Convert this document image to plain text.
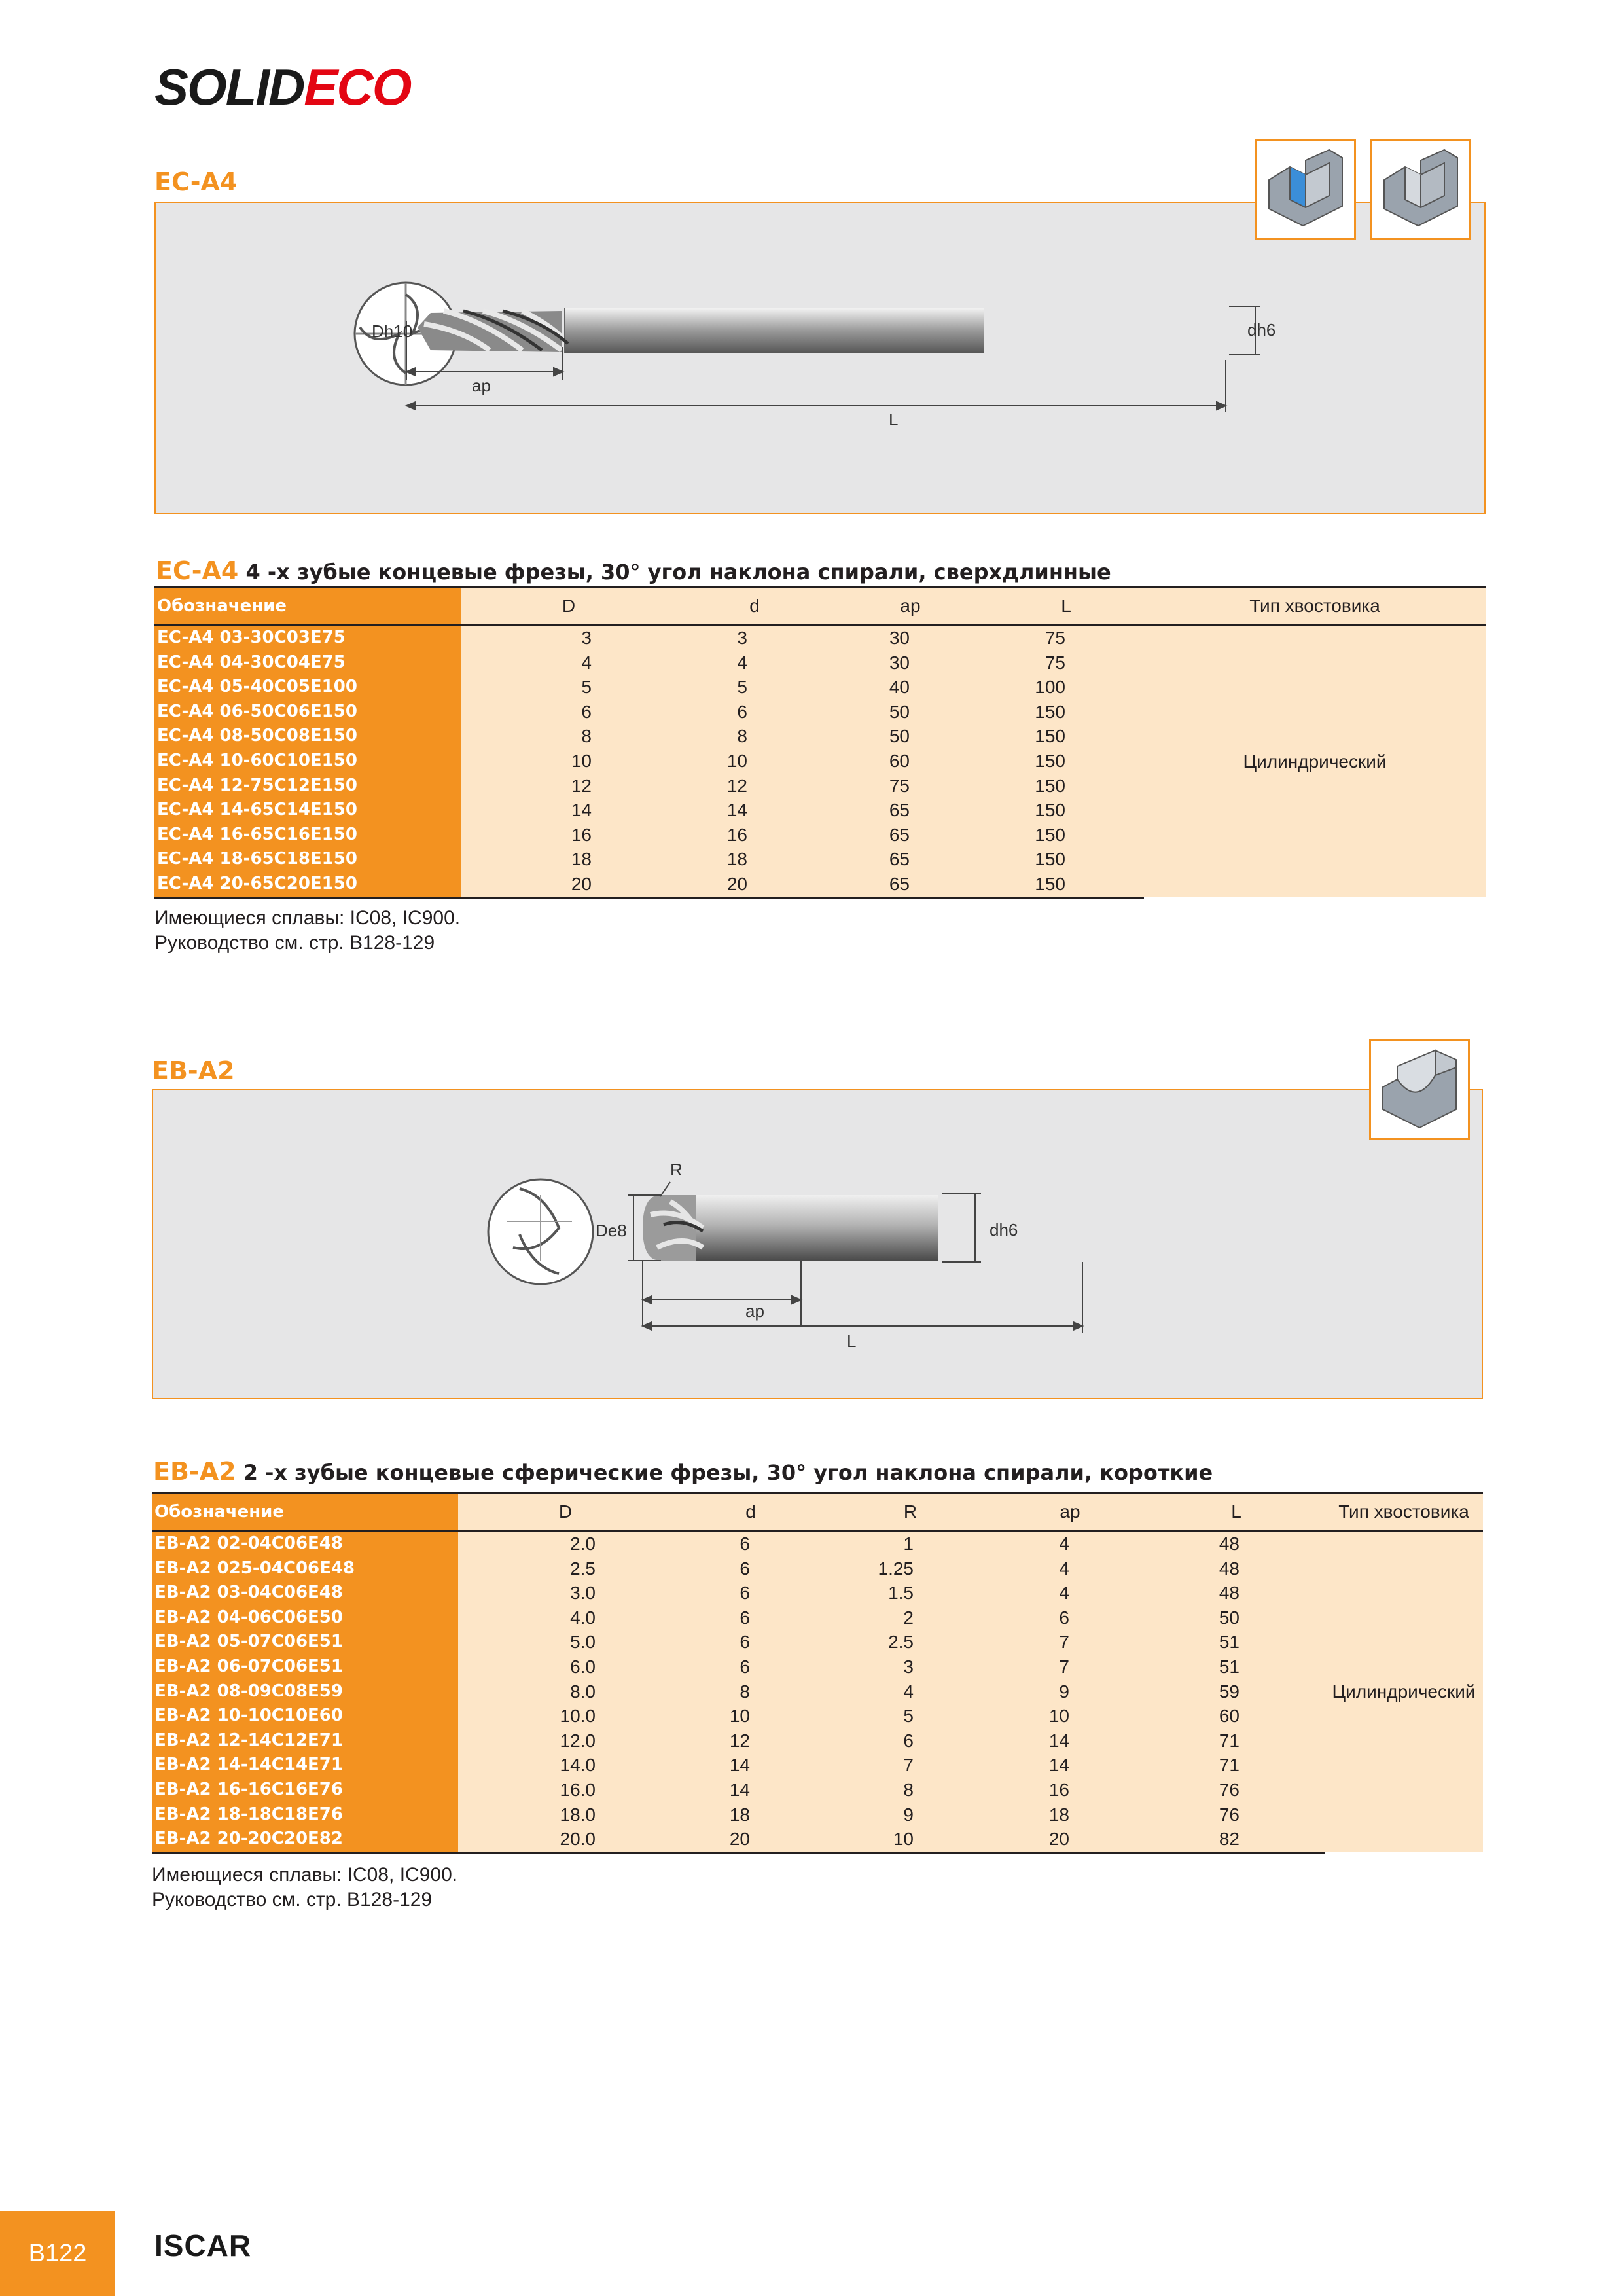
SOLIDECO
EC-A4
ap
L
dh6
Dh10
EC-A4 4 -х зубые концевые фрезы, 30° угол наклона спирали, сверхдлинные
Обозначение	D	d	ap	L	Тип хвостовика
EC-A4 03-30C03E75	3	3	30	75	Цилиндрический
EC-A4 04-30C04E75	4	4	30	75	
EC-A4 05-40C05E100	5	5	40	100	
EC-A4 06-50C06E150	6	6	50	150	
EC-A4 08-50C08E150	8	8	50	150	
EC-A4 10-60C10E150	10	10	60	150	
EC-A4 12-75C12E150	12	12	75	150	
EC-A4 14-65C14E150	14	14	65	150	
EC-A4 16-65C16E150	16	16	65	150	
EC-A4 18-65C18E150	18	18	65	150	
EC-A4 20-65C20E150	20	20	65	150	
Имеющиеся сплавы: IC08, IC900.
Руководство см. стр. B128-129
EB-A2
De8
R
ap
L
dh6
EB-A2 2 -х зубые концевые сферические фрезы, 30° угол наклона спирали, короткие
Обозначение	D	d	R	ap	L	Тип хвостовика
EB-A2 02-04C06E48	2.0	6	1	4	48	Цилиндрический
EB-A2 025-04C06E48	2.5	6	1.25	4	48	
EB-A2 03-04C06E48	3.0	6	1.5	4	48	
EB-A2 04-06C06E50	4.0	6	2	6	50	
EB-A2 05-07C06E51	5.0	6	2.5	7	51	
EB-A2 06-07C06E51	6.0	6	3	7	51	
EB-A2 08-09C08E59	8.0	8	4	9	59	
EB-A2 10-10C10E60	10.0	10	5	10	60	
EB-A2 12-14C12E71	12.0	12	6	14	71	
EB-A2 14-14C14E71	14.0	14	7	14	71	
EB-A2 16-16C16E76	16.0	14	8	16	76	
EB-A2 18-18C18E76	18.0	18	9	18	76	
EB-A2 20-20C20E82	20.0	20	10	20	82	
Имеющиеся сплавы: IC08, IC900.
Руководство см. стр. B128-129
B122	ISCAR
